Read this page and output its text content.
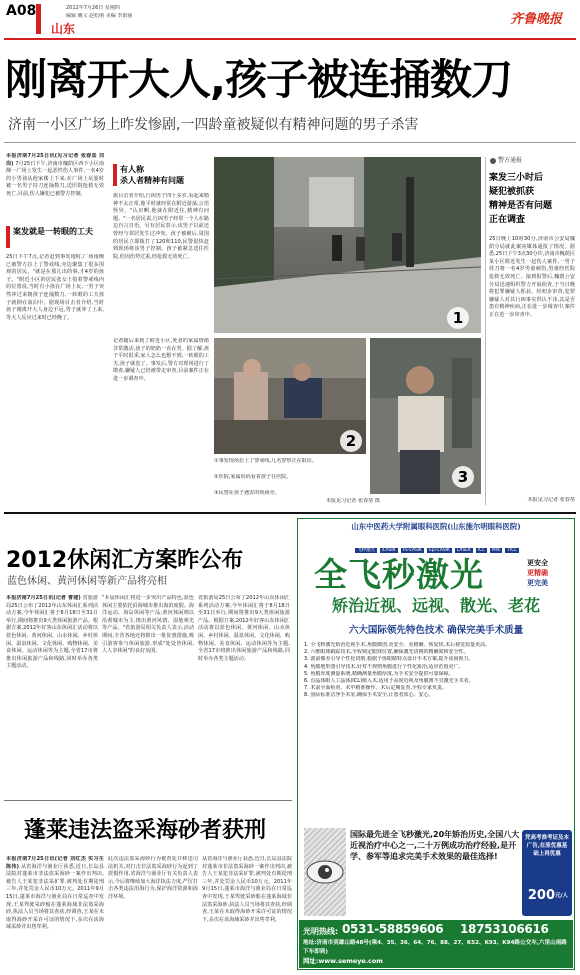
A08	2012年7月26日 星期四
编辑 戴文 赵松刚 美编 李娟丽
山东
齐鲁晚报
刚离开大人,孩子被连捅数刀
济南一小区广场上昨发惨剧,一四龄童被疑似有精神问题的男子杀害
本报济南7月25日讯(见习记者 张春垒 刘岗) 7月25日下午,济南市槐荫区西下小区南侧一广场上发生一起恶性伤人事件,一名4岁的小男孩从他家楼上下来,在广场上玩耍时被一名男子持刀连捅数刀,送医院抢救无效死亡,目前,伤人嫌犯已被警方控制。
案发就是一转眼的工夫
25日下午7点,记者赶到事发地时,广场南侧已被警方拉上了警戒线,旁边聚集了很多围观的居民。"就是在那儿出的事,才4岁的孩子。"附近小区的居民张女士指着警戒线内的位置说,当时有小孩在广场上玩,一男子突然冲过来朝孩子连捅数刀,一转眼的工夫孩子就倒在血泊中。据现场目击者介绍,当时孩子刚离开大人身边不远,男子就冲了上来,等大人反应过来时已经晚了。
有人称
杀人者精神有问题
据目击者介绍,行凶男子四十多岁,看起来精神不太正常,他平时就经常在附近游荡,言语怪异。"认识啊,他就在附近住,精神有问题。"一名居民说,行凶男子经常一个人在路边自言自语。另有居民表示,该男子以前还曾经与邻居发生过冲突。孩子被刺后,周围的居民立即拨打了120和110,民警很快赶到现场将该男子控制。孩子被紧急送往医院,但因伤势过重,经抢救无效死亡。
1
2
3
记者随后来到了附近小区,死者的家属情绪非常激动,孩子的奶奶一直在哭。据了解,孩子平时很乖,家人怎么也想不到,一转眼的工夫,孩子就没了。事发后,警方对现场进行了勘查,嫌疑人已经被带走审查,目前案件正在进一步调查中。
①事发现场拉上了警戒线,几名警察正在取证。
②医院,家属妈妈看着孩子在医院。
③民警在孩子遇害的现场旁。
本报见习记者 张春垒 摄
警方通报
案发三小时后
疑犯被抓获
精神是否有问题
正在调查
25日晚上10时30分,济南市公安局槐荫分局就此案向媒体通报了情况。据悉,25日下午3点30分许,济南市槐荫区某小区附近发生一起伤人案件,一男子持刀将一名4岁男童刺伤,男童经医院抢救无效死亡。接到报警后,槐荫公安分局迅速组织警力开展侦查,于当日晚将犯罪嫌疑人抓获。经初步审查,犯罪嫌疑人对其行凶事实供认不讳,其是否患有精神疾病,正在进一步调查中,案件正在进一步审查中。
本报见习记者 张春垒
2012休闲汇方案昨公布
蓝色休闲、黄河休闲等新产品将亮相
本报济南7月25日讯(记者 曹建) 省旅游局25日公布了2012年山东休闲汇系列活动方案,今年休闲汇将于8月18日至31日举行,期间将推出9大类休闲旅游产品。根据方案,2012年好客山东休闲汇活动将以蓝色休闲、黄河休闲、山水休闲、乡村休闲、温泉休闲、文化休闲、购物休闲、美食休闲、运动休闲等为主题,全省17市将推出休闲旅游产品和线路,同时举办各类主题活动。
"本届休闲汇将进一步突出产品特色,蓝色休闲主要依托沿海城市推出海滨度假、海洋运动、海岛休闲等产品;黄河休闲则以沿黄城市为主,推出黄河风情、湿地观光等产品。"省旅游局相关负责人表示,活动期间,全省各地还将推出一批优惠措施,吸引游客参与休闲旅游,形成"处处皆休闲,人人享休闲"的良好氛围。
省旅游局25日公布了2012年山东休闲汇系列活动方案,今年休闲汇将于8月18日至31日举行,期间将推出9大类休闲旅游产品。根据方案,2012年好客山东休闲汇活动将以蓝色休闲、黄河休闲、山水休闲、乡村休闲、温泉休闲、文化休闲、购物休闲、美食休闲、运动休闲等为主题,全省17市将推出休闲旅游产品和线路,同时举办各类主题活动。
蓬莱违法盗采海砂者获刑
本报济南7月25日讯(记者 刘红杰 实习生 陈伟) 从省海洋与渔业厅获悉,近日,长岛县法院对蓬莱市非法盗采海砂一案作出判决,被告人王某犯非法采矿罪,被判处有期徒刑三年,并处罚金人民币10万元。2011年9月15日,蓬莱市海洋与渔业局在日常巡查中发现,王某驾驶采砂船在蓬莱海域非法盗采海砂,执法人员当场将其查获,经调查,王某在未取得海砂开采许可证的情况下,多次在该海域采砂并出售牟利。
此次违法盗采海砂行为被查处并移送司法机关,对打击非法盗采海砂行为起到了震慑作用,省海洋与渔业厅有关负责人表示,今后将继续加大海洋执法力度,严厉打击各类违法用海行为,保护海洋资源和海洋环境。
从省海洋与渔业厅获悉,近日,长岛县法院对蓬莱市非法盗采海砂一案作出判决,被告人王某犯非法采矿罪,被判处有期徒刑三年,并处罚金人民币10万元。2011年9月15日,蓬莱市海洋与渔业局在日常巡查中发现,王某驾驶采砂船在蓬莱海域非法盗采海砂,执法人员当场将其查获,经调查,王某在未取得海砂开采许可证的情况下,多次在该海域采砂并出售牟利。
山东中医药大学附属眼科医院(山东施尔明眼科医院)
飞秒激光	iLASIK	FS-LASIK	Epi-LASIK	LASEK	ICL	PRK	TICL
全飞秒激光	更安全
更精确
更完美
矫治近视、远视、散光、老花
六大国际领先特色技术 确保完美手术质量
1. 全飞秒激光矫治近视手术,角膜微创,更安全、更精确、恢复快,术后视觉质量更高。
2. 六维眼球跟踪技术,全程锁定眼球位置,确保激光切削的精确度和安全性。
3. 波前像差引导个性化切削,根据个体眼睛特点设计手术方案,提升夜间视力。
4. 角膜地形图引导技术,针对不规则角膜进行个性化矫治,适应范围更广。
5. 角膜厚度测量系统,精确测量角膜厚度,为手术安全提供可靠保障。
6. 有晶体眼人工晶体(ICL)植入术,适用于高度近视及角膜薄不宜激光手术者。
7. 术前全面检查、术中精准操作、术后定期复查,全程专家负责。
8. 国际标准洁净手术室,确保手术安全,让患者放心、安心。
国际最先进全飞秒激光,20年矫治历史,全国八大近视治疗中心之一,二十万例成功治疗经验,是开学、参军等追求完美手术效果的最佳选择!
凭高考准考证及本广告,在原优惠基础上再优惠
200 元/人
光明热线: 0531-58859606 18753106616
地址:济南市英雄山路48号(乘4、35、36、64、76、88、27、K52、K93、K94路公交车,六里山南路下车即到)
网址:www.semeye.com
